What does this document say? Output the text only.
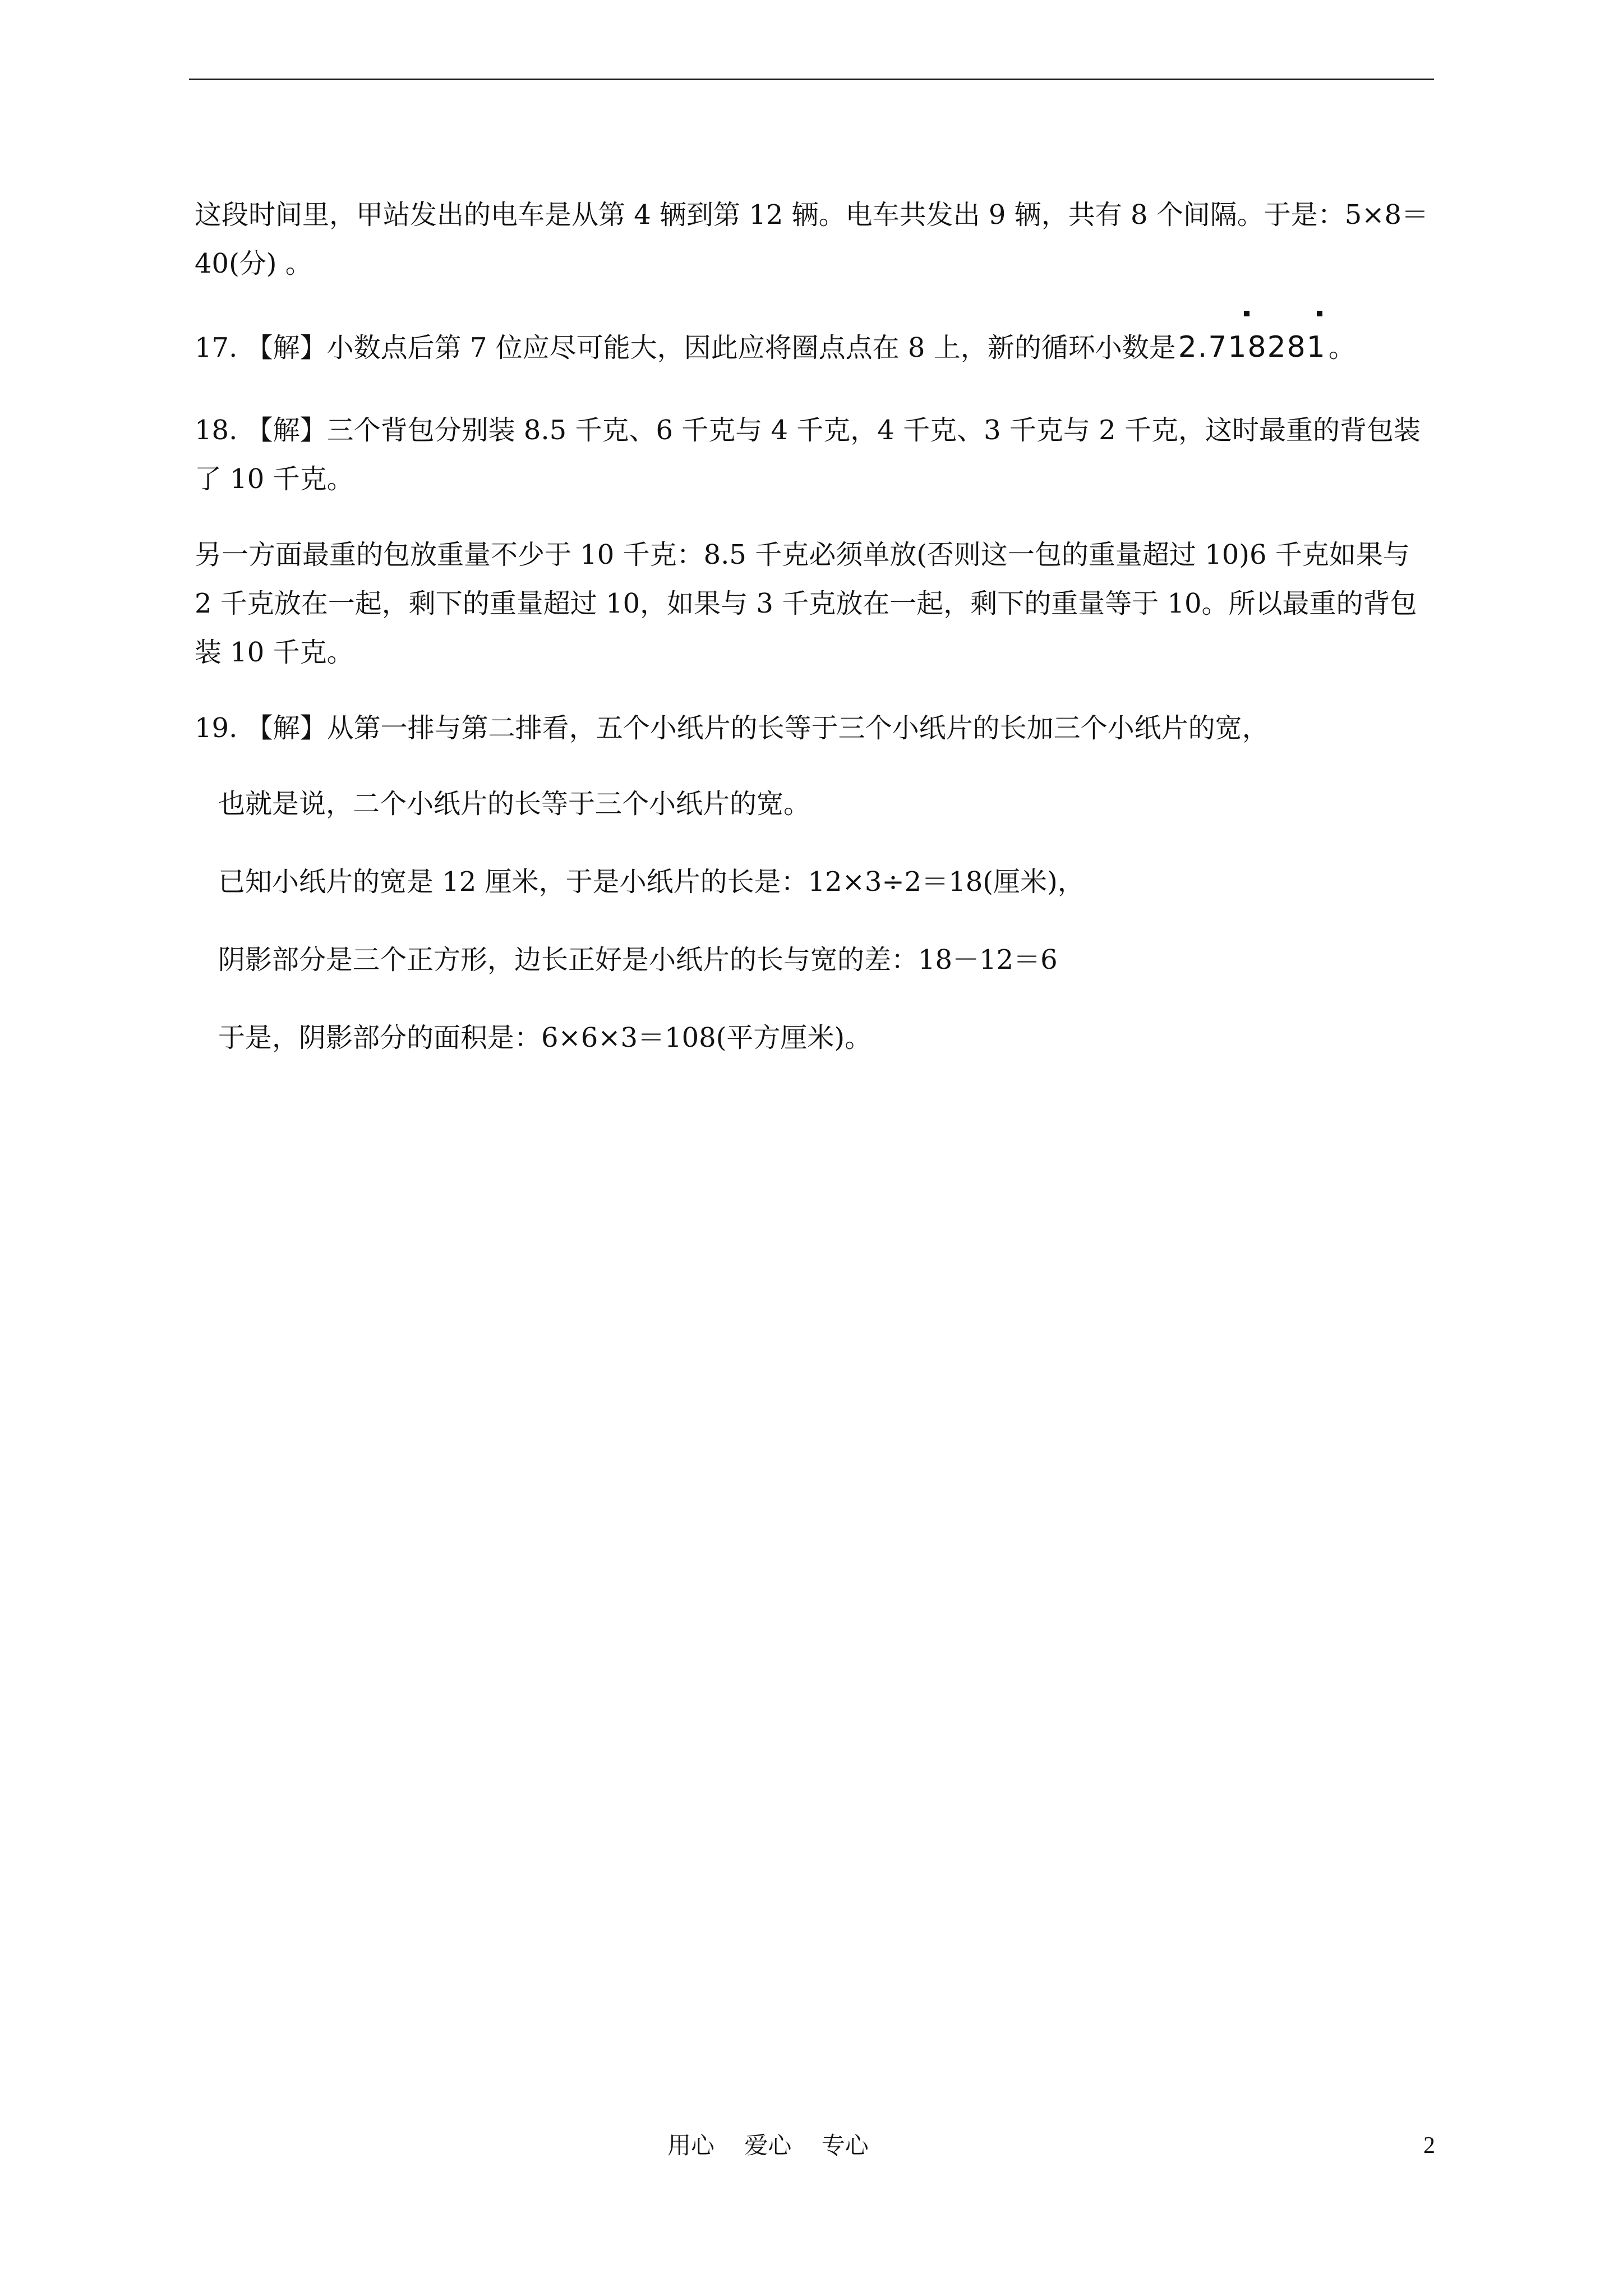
这段时间里，甲站发出的电车是从第 4 辆到第 12 辆。电车共发出 9 辆，共有 8 个间隔。于是：5×8＝40(分) 。

17. 【解】小数点后第 7 位应尽可能大，因此应将圈点点在 8 上，新的循环小数是2.718281
。

18. 【解】三个背包分别装 8.5 千克、6 千克与 4 千克，4 千克、3 千克与 2 千克，这时最重的背包装了 10 千克。

另一方面最重的包放重量不少于 10 千克：8.5 千克必须单放(否则这一包的重量超过 10)6 千克如果与 2 千克放在一起，剩下的重量超过 10，如果与 3 千克放在一起，剩下的重量等于 10。所以最重的背包装 10 千克。

19. 【解】从第一排与第二排看，五个小纸片的长等于三个小纸片的长加三个小纸片的宽，

也就是说，二个小纸片的长等于三个小纸片的宽。

已知小纸片的宽是 12 厘米，于是小纸片的长是：12×3÷2＝18(厘米)，

阴影部分是三个正方形，边长正好是小纸片的长与宽的差：18－12＝6

于是，阴影部分的面积是：6×6×3＝108(平方厘米)。

用心    爱心    专心	2
